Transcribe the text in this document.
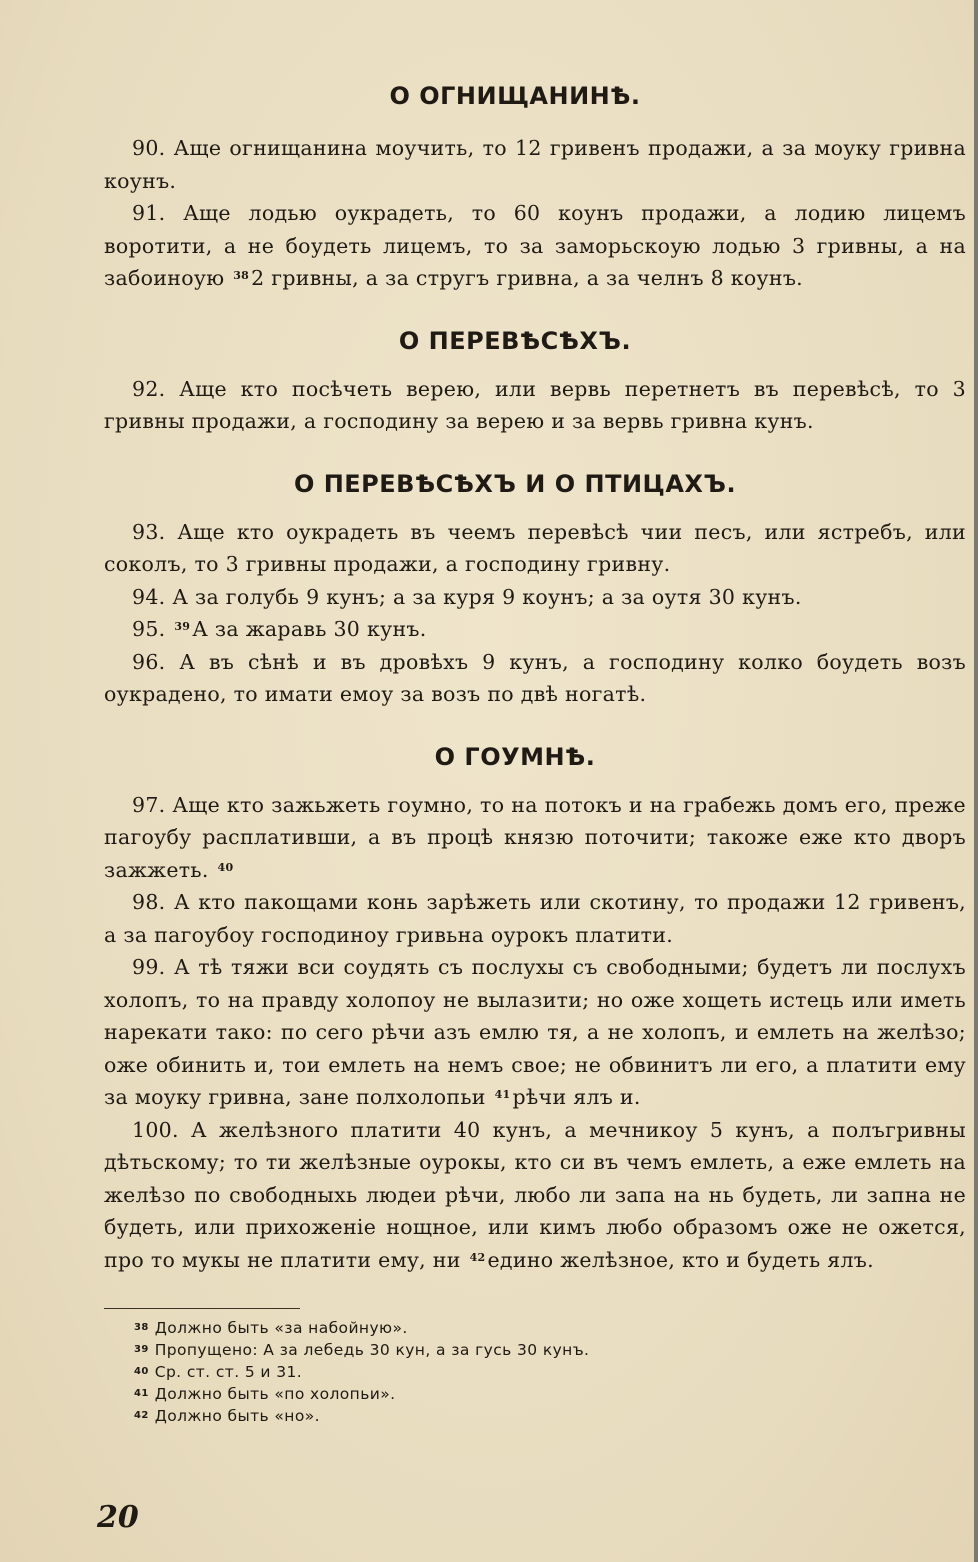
О ОГНИЩАНИНѢ.

90. Аще огнищанина моучить, то 12 гривенъ продажи, а за моуку гривна коунъ.

91. Аще лодью оукрадеть, то 60 коунъ продажи, а лодию лицемъ воротити, а не боудеть лицемъ, то за заморьскоую лодью 3 гривны, а на забоиноую $^{38}$2 гривны, а за стругъ гривна, а за челнъ 8 коунъ.

О ПЕРЕВѢСѢХЪ.

92. Аще кто посѣчеть верею, или вервь перетнетъ въ перевѣсѣ, то 3 гривны продажи, а господину за верею и за вервь гривна кунъ.

О ПЕРЕВѢСѢХЪ И О ПТИЦАХЪ.

93. Аще кто оукрадеть въ чеемъ перевѣсѣ чии песъ, или ястребъ, или соколъ, то 3 гривны продажи, а господину гривну.

94. А за голубь 9 кунъ; а за куря 9 коунъ; а за оутя 30 кунъ.

95. $^{39}$А за жаравь 30 кунъ.

96. А въ сѣнѣ и въ дровѣхъ 9 кунъ, а господину колко боудеть возъ оукрадено, то имати емоу за возъ по двѣ ногатѣ.

О ГОУМНѢ.

97. Аще кто зажьжеть гоумно, то на потокъ и на грабежь домъ его, преже пагоубу расплативши, а въ процѣ князю поточити; такоже еже кто дворъ зажжеть. $^{40}$

98. А кто пакощами конь зарѣжеть или скотину, то продажи 12 гривенъ, а за пагоубоу господиноу гривьна оурокъ платити.

99. А тѣ тяжи вси соудять съ послухы съ свободными; будетъ ли послухъ холопъ, то на правду холопоу не вылазити; но оже хощеть истець или иметь нарекати тако: по сего рѣчи азъ емлю тя, а не холопъ, и емлеть на желѣзо; оже обинить и, тои емлеть на немъ свое; не обвинитъ ли его, а платити ему за моуку гривна, зане полхолопьи $^{41}$рѣчи ялъ и.

100. А желѣзного платити 40 кунъ, а мечникоу 5 кунъ, а полъгривны дѣтьскому; то ти желѣзные оурокы, кто си въ чемъ емлеть, а еже емлеть на желѣзо по свободныхь людеи рѣчи, любо ли запа на нь будеть, ли запна не будеть, или прихоженіе нощное, или кимъ любо образомъ оже не ожется, про то мукы не платити ему, ни $^{42}$едино желѣзное, кто и будеть ялъ.

$^{38}$ Должно быть «за набойную».

$^{39}$ Пропущено: А за лебедь 30 кун, а за гусь 30 кунъ.

$^{40}$ Ср. ст. ст. 5 и 31.

$^{41}$ Должно быть «по холопьи».

$^{42}$ Должно быть «но».

20
